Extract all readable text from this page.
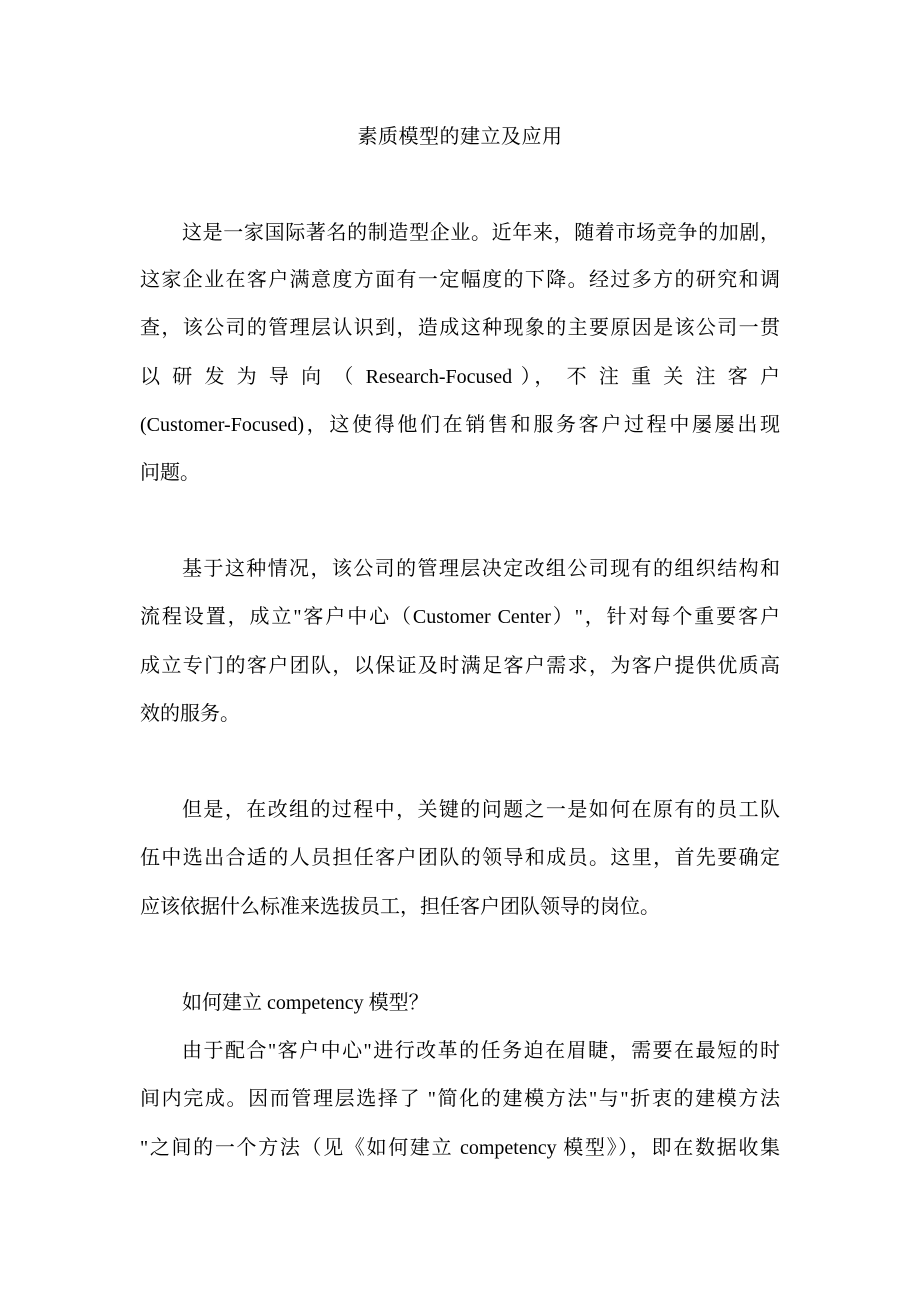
素质模型的建立及应用
这是一家国际著名的制造型企业。近年来，随着市场竞争的加剧，
这家企业在客户满意度方面有一定幅度的下降。经过多方的研究和调
查，该公司的管理层认识到，造成这种现象的主要原因是该公司一贯
以 研 发 为 导 向 （ Research-Focused ）， 不 注 重 关 注 客 户
(Customer-Focused)，这使得他们在销售和服务客户过程中屡屡出现
问题。
基于这种情况，该公司的管理层决定改组公司现有的组织结构和
流程设置，成立"客户中心（Customer Center）"，针对每个重要客户
成立专门的客户团队，以保证及时满足客户需求，为客户提供优质高
效的服务。
但是，在改组的过程中，关键的问题之一是如何在原有的员工队
伍中选出合适的人员担任客户团队的领导和成员。这里，首先要确定
应该依据什么标准来选拔员工，担任客户团队领导的岗位。
如何建立 competency 模型？
由于配合"客户中心"进行改革的任务迫在眉睫，需要在最短的时
间内完成。因而管理层选择了 "简化的建模方法"与"折衷的建模方法
"之间的一个方法（见《如何建立 competency 模型》），即在数据收集
